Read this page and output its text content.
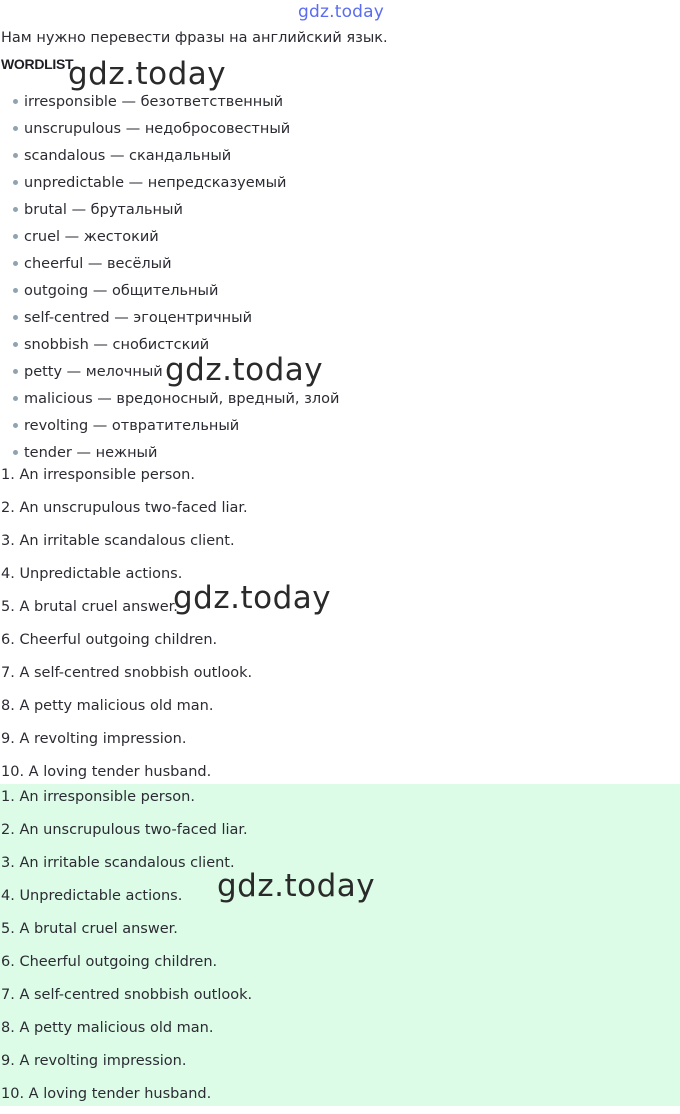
gdz.today
Нам нужно перевести фразы на английский язык.
WORDLIST
irresponsible — безответственный
unscrupulous — недобросовестный
scandalous — скандальный
unpredictable — непредсказуемый
brutal — брутальный
cruel — жестокий
cheerful — весёлый
outgoing — общительный
self-centred — эгоцентричный
snobbish — снобистский
petty — мелочный
malicious — вредоносный, вредный, злой
revolting — отвратительный
tender — нежный
1. An irresponsible person.
2. An unscrupulous two-faced liar.
3. An irritable scandalous client.
4. Unpredictable actions.
5. A brutal cruel answer.
6. Cheerful outgoing children.
7. A self-centred snobbish outlook.
8. A petty malicious old man.
9. A revolting impression.
10. A loving tender husband.
1. An irresponsible person.
2. An unscrupulous two-faced liar.
3. An irritable scandalous client.
4. Unpredictable actions.
5. A brutal cruel answer.
6. Cheerful outgoing children.
7. A self-centred snobbish outlook.
8. A petty malicious old man.
9. A revolting impression.
10. A loving tender husband.
gdz.today
gdz.today
gdz.today
gdz.today
